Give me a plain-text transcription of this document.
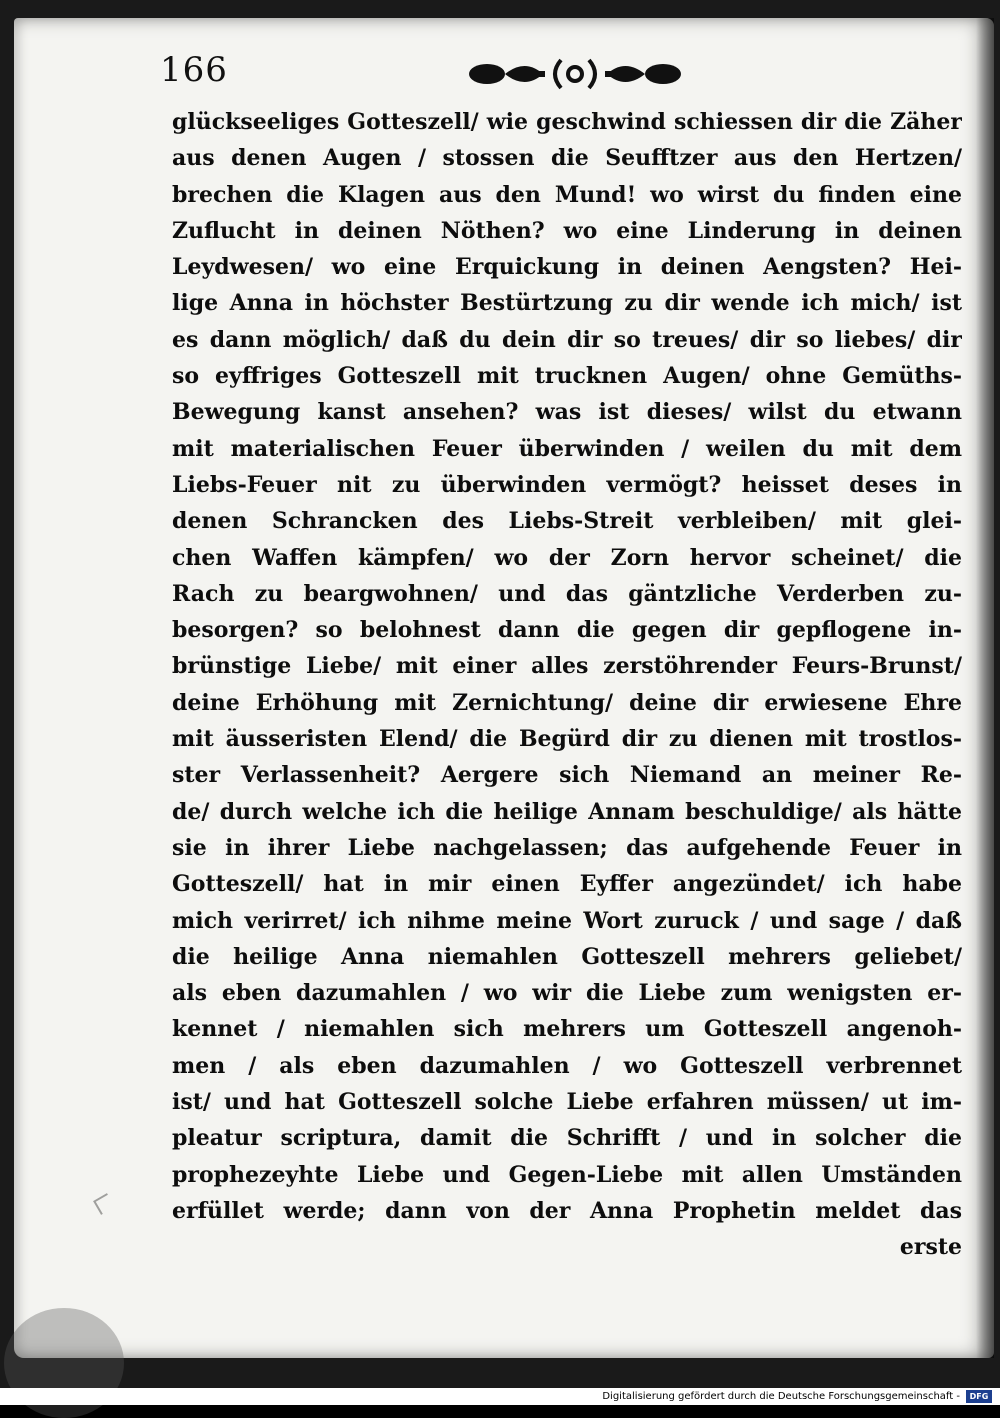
166
glückseeliges Gotteszell/ wie geschwind schiessen dir die Zäher
aus denen Augen / stossen die Seufftzer aus den Hertzen/
brechen die Klagen aus den Mund! wo wirst du finden eine
Zuflucht in deinen Nöthen? wo eine Linderung in deinen
Leydwesen/ wo eine Erquickung in deinen Aengsten? Hei-
lige Anna in höchster Bestürtzung zu dir wende ich mich/ ist
es dann möglich/ daß du dein dir so treues/ dir so liebes/ dir
so eyffriges Gotteszell mit trucknen Augen/ ohne Gemüths-
Bewegung kanst ansehen? was ist dieses/ wilst du etwann
mit materialischen Feuer überwinden / weilen du mit dem
Liebs-Feuer nit zu überwinden vermögt? heisset deses in
denen Schrancken des Liebs-Streit verbleiben/ mit glei-
chen Waffen kämpfen/ wo der Zorn hervor scheinet/ die
Rach zu beargwohnen/ und das gäntzliche Verderben zu-
besorgen? so belohnest dann die gegen dir gepflogene in-
brünstige Liebe/ mit einer alles zerstöhrender Feurs-Brunst/
deine Erhöhung mit Zernichtung/ deine dir erwiesene Ehre
mit äusseristen Elend/ die Begürd dir zu dienen mit trostlos-
ster Verlassenheit? Aergere sich Niemand an meiner Re-
de/ durch welche ich die heilige Annam beschuldige/ als hätte
sie in ihrer Liebe nachgelassen; das aufgehende Feuer in
Gotteszell/ hat in mir einen Eyffer angezündet/ ich habe
mich verirret/ ich nihme meine Wort zuruck / und sage / daß
die heilige Anna niemahlen Gotteszell mehrers geliebet/
als eben dazumahlen / wo wir die Liebe zum wenigsten er-
kennet / niemahlen sich mehrers um Gotteszell angenoh-
men / als eben dazumahlen / wo Gotteszell verbrennet
ist/ und hat Gotteszell solche Liebe erfahren müssen/ ut im-
pleatur scriptura, damit die Schrifft / und in solcher die
prophezeyhte Liebe und Gegen-Liebe mit allen Umständen
erfüllet werde; dann von der Anna Prophetin meldet das
erste
Digitalisierung gefördert durch die Deutsche Forschungsgemeinschaft -	DFG
